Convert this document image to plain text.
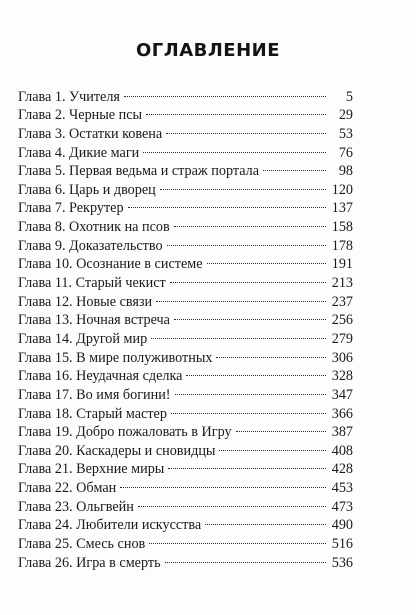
ОГЛАВЛЕНИЕ
Глава 1. Учителя	5
Глава 2. Черные псы	29
Глава 3. Остатки ковена	53
Глава 4. Дикие маги	76
Глава 5. Первая ведьма и страж портала	98
Глава 6. Царь и дворец	120
Глава 7. Рекрутер	137
Глава 8. Охотник на псов	158
Глава 9. Доказательство	178
Глава 10. Осознание в системе	191
Глава 11. Старый чекист	213
Глава 12. Новые связи	237
Глава 13. Ночная встреча	256
Глава 14. Другой мир	279
Глава 15. В мире полуживотных	306
Глава 16. Неудачная сделка	328
Глава 17. Во имя богини!	347
Глава 18. Старый мастер	366
Глава 19. Добро пожаловать в Игру	387
Глава 20. Каскадеры и сновидцы	408
Глава 21. Верхние миры	428
Глава 22. Обман	453
Глава 23. Ольгвейн	473
Глава 24. Любители искусства	490
Глава 25. Смесь снов	516
Глава 26. Игра в смерть	536
